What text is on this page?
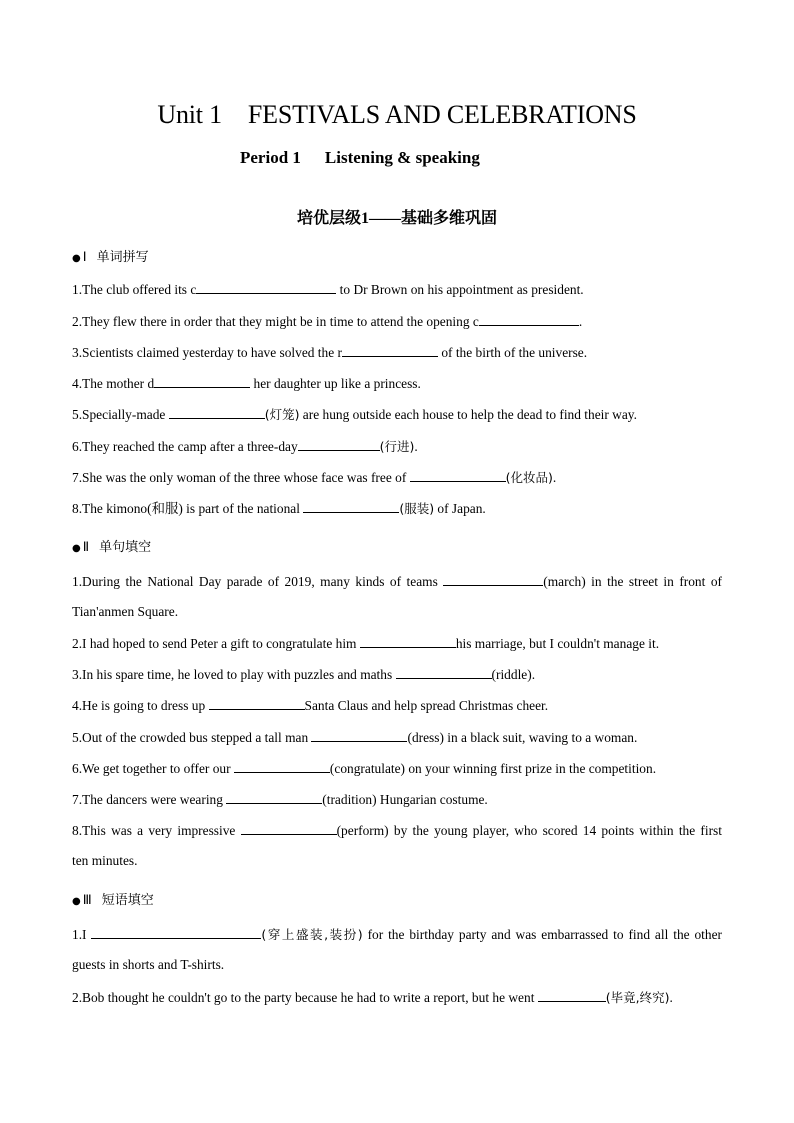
Unit 1 FESTIVALS AND CELEBRATIONS
Period 1 Listening & speaking
培优层级1——基础多维巩固
● Ⅰ 单词拼写
1.The club offered its c	to Dr Brown on his appointment as president.
2.They flew there in order that they might be in time to attend the opening c	.
3.Scientists claimed yesterday to have solved the r	of the birth of the universe.
4.The mother d	her daughter up like a princess.
5.Specially-made	(灯笼) are hung outside each house to help the dead to find their way.
6.They reached the camp after a three-day	(行进).
7.She was the only woman of the three whose face was free of	(化妆品).
8.The kimono(和服) is part of the national	(服装) of Japan.
● Ⅱ 单句填空
1.During the National Day parade of 2019, many kinds of teams	(march) in the street in front of
Tian'anmen Square.
2.I had hoped to send Peter a gift to congratulate him	his marriage, but I couldn't manage it.
3.In his spare time, he loved to play with puzzles and maths	(riddle).
4.He is going to dress up	Santa Claus and help spread Christmas cheer.
5.Out of the crowded bus stepped a tall man	(dress) in a black suit, waving to a woman.
6.We get together to offer our	(congratulate) on your winning first prize in the competition.
7.The dancers were wearing	(tradition) Hungarian costume.
8.This was a very impressive	(perform) by the young player, who scored 14 points within the first
ten minutes.
● Ⅲ 短语填空
1.I	(穿上盛装,装扮) for the birthday party and was embarrassed to find all the other
guests in shorts and T-shirts.
2.Bob thought he couldn't go to the party because he had to write a report, but he went	(毕竟,终究).
